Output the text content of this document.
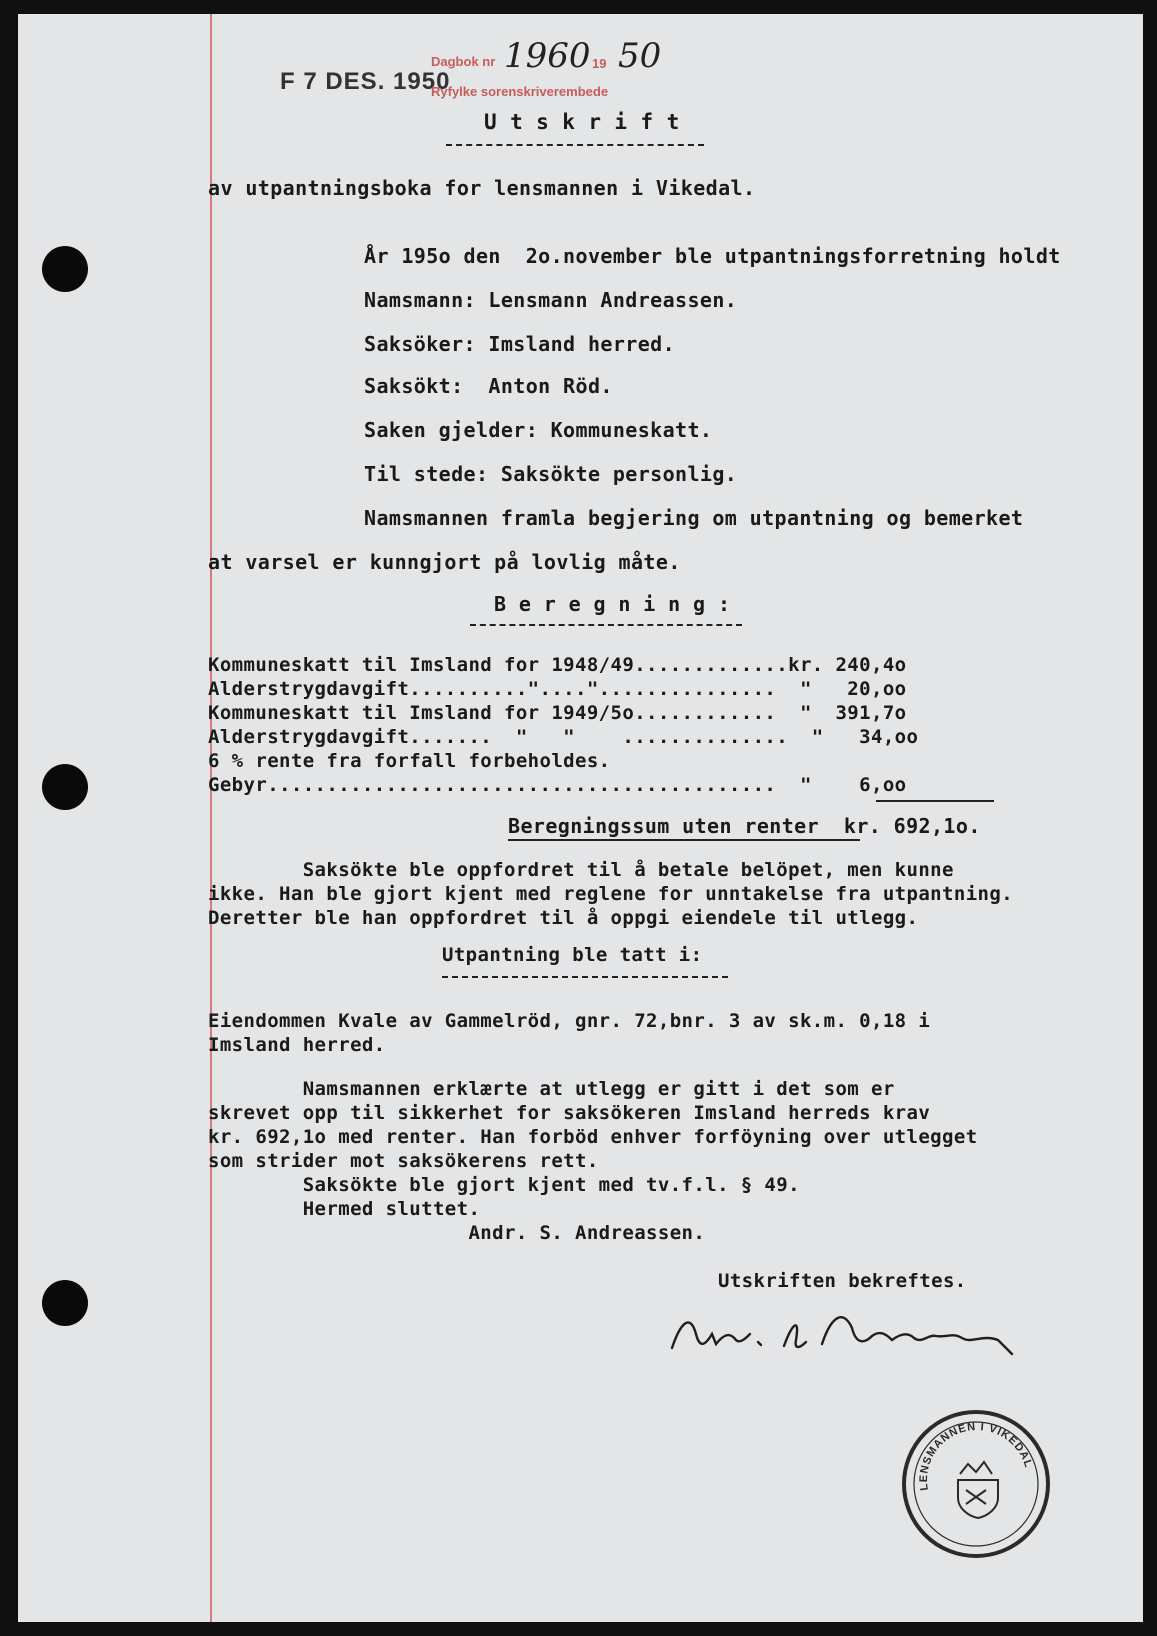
F 7 DES. 1950
Dagbok nr 1960 19 50
Ryfylke sorenskriverembede
U t s k r i f t
av utpantningsboka for lensmannen i Vikedal.
År 195o den  2o.november ble utpantningsforretning holdt
Namsmann: Lensmann Andreassen.
Saksöker: Imsland herred.
Saksökt:  Anton Röd.
Saken gjelder: Kommuneskatt.
Til stede: Saksökte personlig.
Namsmannen framla begjering om utpantning og bemerket
at varsel er kunngjort på lovlig måte.
B e r e g n i n g :
Kommuneskatt til Imsland for 1948/49.............kr. 240,4o
Alderstrygdavgift.........."...."...............  "   20,oo
Kommuneskatt til Imsland for 1949/5o............  "  391,7o
Alderstrygdavgift.......  "   "    ..............  "   34,oo
6 % rente fra forfall forbeholdes.
Gebyr...........................................  "    6,oo
Beregningssum uten renter  kr. 692,1o.
Saksökte ble oppfordret til å betale belöpet, men kunne
ikke. Han ble gjort kjent med reglene for unntakelse fra utpantning.
Deretter ble han oppfordret til å oppgi eiendele til utlegg.
Utpantning ble tatt i:
Eiendommen Kvale av Gammelröd, gnr. 72,bnr. 3 av sk.m. 0,18 i
Imsland herred.
Namsmannen erklærte at utlegg er gitt i det som er
skrevet opp til sikkerhet for saksökeren Imsland herreds krav
kr. 692,1o med renter. Han forböd enhver forföyning over utlegget
som strider mot saksökerens rett.
Saksökte ble gjort kjent med tv.f.l. § 49.
Hermed sluttet.
Andr. S. Andreassen.
Utskriften bekreftes.
LENSMANNEN I VIKEDAL
